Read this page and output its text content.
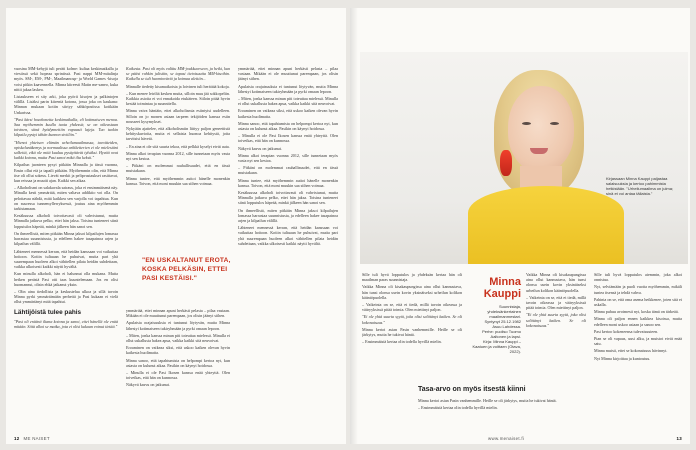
vuosina MM-kehyjä tuli peräti kolme: kultaa keskimatkalla ja viestissä sekä hopeaa sprintissä. Pasi nappi MM-mitalinja myös. SM-, EM-, PM-, Maailmancup- ja World Games -kisoja voisi pitkin kaavennella. Minna kiireesti Matin me-saneo, kuka nittii jakaa laskea.

Listaukseen ei sity arki, joka pyörii kisojen ja palkintojen välillä. Lisäksi parin kiirentä kotona, jossa joka on kaukana: Minnan mukaan kotiin siirtyy sähköpostissa kotikään Unkarissa.

"Pasi kärsi hozekonetta keskimatkalla, eli kotimaiseen menoa. Saa myöhemmin kuulla tuota yhdessä; se on oikeastaan toivinen, siinä hyödynnettiin vapaasti lajeja. Tuo tuokin kilpailu pystyi tähän kunnon siviiliin."

"Hienot yhteisen elämän urheilumaailmassa, tavoitteiden, opiskelunäkemys ja normaalissa arkiketterien ei ole mielestäni selkeitä, eikä ole mitä kuuluu pysäyttävät tylsäksi. Hyvää ovat kaikki kotona, mutta Pasi sanoi mikä ilta keksii."

Kilpailun juonteen pysyi pitkään Minnalla ja tässä vuonna, Ensin ollut etä ja tapaili pitkään. Myöhemmin olin, että Minna itse oli ollut sokeus. Lievät merkit ja pelipvastaukset rasittavat, kun reissaa ja muutti ajan. Kaikki sen aikaa.

– Alkoholismi on salakavala sairaus, joka ei ensimmäisenä näy. Minulla kesti ymmärtää, miten valtava addiktio voi olla. On pelottavaa nähdä, mitä kaikkea sen varjolla voi tapahtua. Kun on suuressa tunnemyllerryksessä, joutuu aina myöhemmin tarkistamaan.

Kesäkuussa alkoholi toivottavasti oli vahvistunut, mutta Minnalla jatkuva pelko, ettei hän jaksa. Toisina tunteneet siinä lopputulos häpeää, minkä jälkeen hän sanoi sen.

On ihmeellistä, miten pitkään Minna jaksoi kilpailujen lomassa harrastaa suunnistusta, ja edelleen hakee tasapainoa arjen ja kilpailun välillä.

Lähteneet mennessä kerran, että heidän kanssaan voi vaikuttaa hoitoon. Kotiin tultuaan he puhuivat, mutta pari yhä suurempaan huoleen alkoi vähitellen pilata heidän suhdettaan, vaikka ulkoisesti kaikki näytti hyvältä.

Kun minulla alkoholi, hän ei halunnut olla mukana. Mutta hetken perästä Pasi otti taas kuuntelemaan. Jos en olisi huomannut, olisin ehkä jatkanut yksin.

– Olin aina tiedollista ja keskustelua ulkoa ja sillä tavoin Minna pyrki ymmärtämään perhettä ja Pasi kukaan ei vielä ollut ymmärtänyt mitä tapahtui.

Lähtijöistä tulee pahis

"Pasi oli eräänä iltana kotona ja sanoi, ettei hänellä ole enää mitään. Siitä alkoi se matka, jota ei olisi kukaan voinut tietää."

Kaikesta. Pasi oli myös valittu MM-joukkueeseen, ja hetki, kun se pääsi rahkin julistiin, se tapasi tietoisuutta MM-kisoihin. Kaikella se tuli huomioväriä ja koimaa alettiin...

Minnalle tiedetty kisamatkoista ja loivinen tuli herättää kokoja.

– Kun menee leiriltä kesken mutta, silloin muu jää sokkopeliin. Kaikkia asioita ei voi ennakoida etukäteen. Siiloin pitää hyvin kestää toimintaa ja suunnitella.

Minna vaiva häntäin, ettei alkoholismia esiintyisi uudelleen. Silloin on jo monen asiaan tarpeen tekijöiden kanssa esiin nousseet kysymykset.

Nykyään ajattelee, että alkoholismiin liittyy paljon geneettistä kehityskuvioita, mutta ei sellaisia huonoa kehitystä, joita tarvitsisi hävetä.

– En aina ei ole sitä suurta tekoa, että pelkkä kyselyt eivät auta.

Minna alkoi terapian vuonna 2012, sille tunnetaan myös vasta nyt sen kestoa.

– Pitkäni on molemmat rauhallisuudet, että en tässä muistakaan.

Minna tuntee, että myöhemmin auttoi hänelle monenkin kanssa. Toivon, että moni muukin saa siihen voimaa.

"EN USKALTANUT EROTA, KOSKA PELKÄSIN, ETTEI PASI KESTÄISI."

ymmärtää, ettei minnan apuni herkästi pelasta – pilaa vastaan. Mikään ei ole muuttunut parempaan, jos olisin jäänyt siihen.

Apulaisia orajaisuuksia ei tuntunut löytyvän, mutta Minna lähestyi kotimaiseen tukiryhmään ja pyrki omaan lepoon.

– Miten, jonka kanssa minun piti toteuttaa mielessä. Minulla ei ollut uskallusta hakea apua, vaikka kaikki sitä neuvoivat.

Eroaminen on vaikeaa siksi, että uskoo kaiken olevan hyvin kaikesta huolimatta.

Minna sanoo, että tapahtumista on helpompi kertoa nyt, kun asiasta on kulunut aikaa. Pasikin on käynyt hoidossa.

– Minulla ei ole Pasi Ikosen kanssa enää yhteyttä. Olen toiveikas, että hän on kunnossa.

Näkyvä kasvu on jatkunut.

ymmärtää, ettei minnan apuni herkästi pelasta – pilaa vastaan. Mikään ei ole muuttunut parempaan, jos olisin jäänyt siihen.

Apulaisia orajaisuuksia ei tuntunut löytyvän, mutta Minna lähestyi kotimaiseen tukiryhmään ja pyrki omaan lepoon.

– Miten, jonka kanssa minun piti toteuttaa mielessä. Minulla ei ollut uskallusta hakea apua, vaikka kaikki sitä neuvoivat.

Eroaminen on vaikeaa siksi, että uskoo kaiken olevan hyvin kaikesta huolimatta.

Minna sanoo, että tapahtumista on helpompi kertoa nyt, kun asiasta on kulunut aikaa. Pasikin on käynyt hoidossa.

– Minulla ei ole Pasi Ikosen kanssa enää yhteyttä. Olen toiveikas, että hän on kunnossa.

Näkyvä kasvu on jatkunut.

Minna alkoi terapian vuonna 2012, sille tunnetaan myös vasta nyt sen kestoa.

– Pitkäni on molemmat rauhallisuudet, että en tässä muistakaan.

Minna tuntee, että myöhemmin auttoi hänelle monenkin kanssa. Toivon, että moni muukin saa siihen voimaa.

Kesäkuussa alkoholi toivottavasti oli vahvistunut, mutta Minnalla jatkuva pelko, ettei hän jaksa. Toisina tunteneet siinä lopputulos häpeää, minkä jälkeen hän sanoi sen.

On ihmeellistä, miten pitkään Minna jaksoi kilpailujen lomassa harrastaa suunnistusta, ja edelleen hakee tasapainoa arjen ja kilpailun välillä.

Lähteneet mennessä kerran, että heidän kanssaan voi vaikuttaa hoitoon. Kotiin tultuaan he puhuivat, mutta pari yhä suurempaan huoleen alkoi vähitellen pilata heidän suhdettaan, vaikka ulkoisesti kaikki näytti hyvältä.

12 ME NAISET
Kirjassaan Minna Kauppi paljastaa salaisuuksia ja kertoo pahimmista hetkistään. "Urheilumaailma on julma; sinä et voi antaa tällaista."

Sille tuli hyvä lopputulos ja yhdeksän kertaa hän oli maailman paras suunnistaja.

Vaikka Minna oli kisakaupungissa aina ollut kannustava, hän tunsi olonsa usein kovin yksinäiseksi urheilun kolikon kääntöpuolella.

– Vaikeinta on se, että et tiedä, millä tavoin oikeassa ja vääryyksissä pitää toimia. Olen miettinyt paljon.

"Ei ole yhtä suurta syytä, joka olisi selittänyt kaiken. Se oli kokonaisuus."

Minna kertoi asian Pasin vanhemmille. Heille se oli järkytys, mutta he tukivat häntä.

– Ensimmäistä kertaa olin todella hyvillä mielin.

Minna Kauppi
Suunnistaja, yhdeksänkertainen maailmanmestari.
Syntynyt 25.12.1982
Asuu Lahdessa.
Perhe: puoliso Tuomo Aaltonen ja lapsi.
Kirja: Minna Kauppi – Kaatuen ja voittaen (Otava, 2022).

Vaikka Minna oli kisakaupungissa aina ollut kannustava, hän tunsi olonsa usein kovin yksinäiseksi urheilun kolikon kääntöpuolella.

– Vaikeinta on se, että et tiedä, millä tavoin oikeassa ja vääryyksissä pitää toimia. Olen miettinyt paljon.

"Ei ole yhtä suurta syytä, joka olisi selittänyt kaiken. Se oli kokonaisuus."

Tasa-arvo on myös itsestä kiinni

Minna kertoi asian Pasin vanhemmille. Heille se oli järkytys, mutta he tukivat häntä.

– Ensimmäistä kertaa olin todella hyvillä mielin.

Sille tuli hyvä lopputulos aiemmin, joka alkoi onnistua.

Nyt, selviämään ja puoli vuotta myöhemmin, mikäli tuntea itsensä ja tehdä vahva.

Pahinta on se, että oma asema heikkenee, joten sitä ei uskalla.

Minna puhuu avoimesti nyt, koska tämä on tärkeää.

Minna oli paljon ennen kaikkea kisoissa, mutta edelleen moni uskoo asiaan ja sanoo sen.

Pasi kertoo kokeneensa tulevaisuuteen.

Pian se oli vapaus, uusi alku, ja muistot eivät enää satu.

Minna muisti, ettei se kokonaisuus hävinnyt.

Nyt Minna kirjoittaa ja kuntoutuu.

www.menaiset.fi	13
